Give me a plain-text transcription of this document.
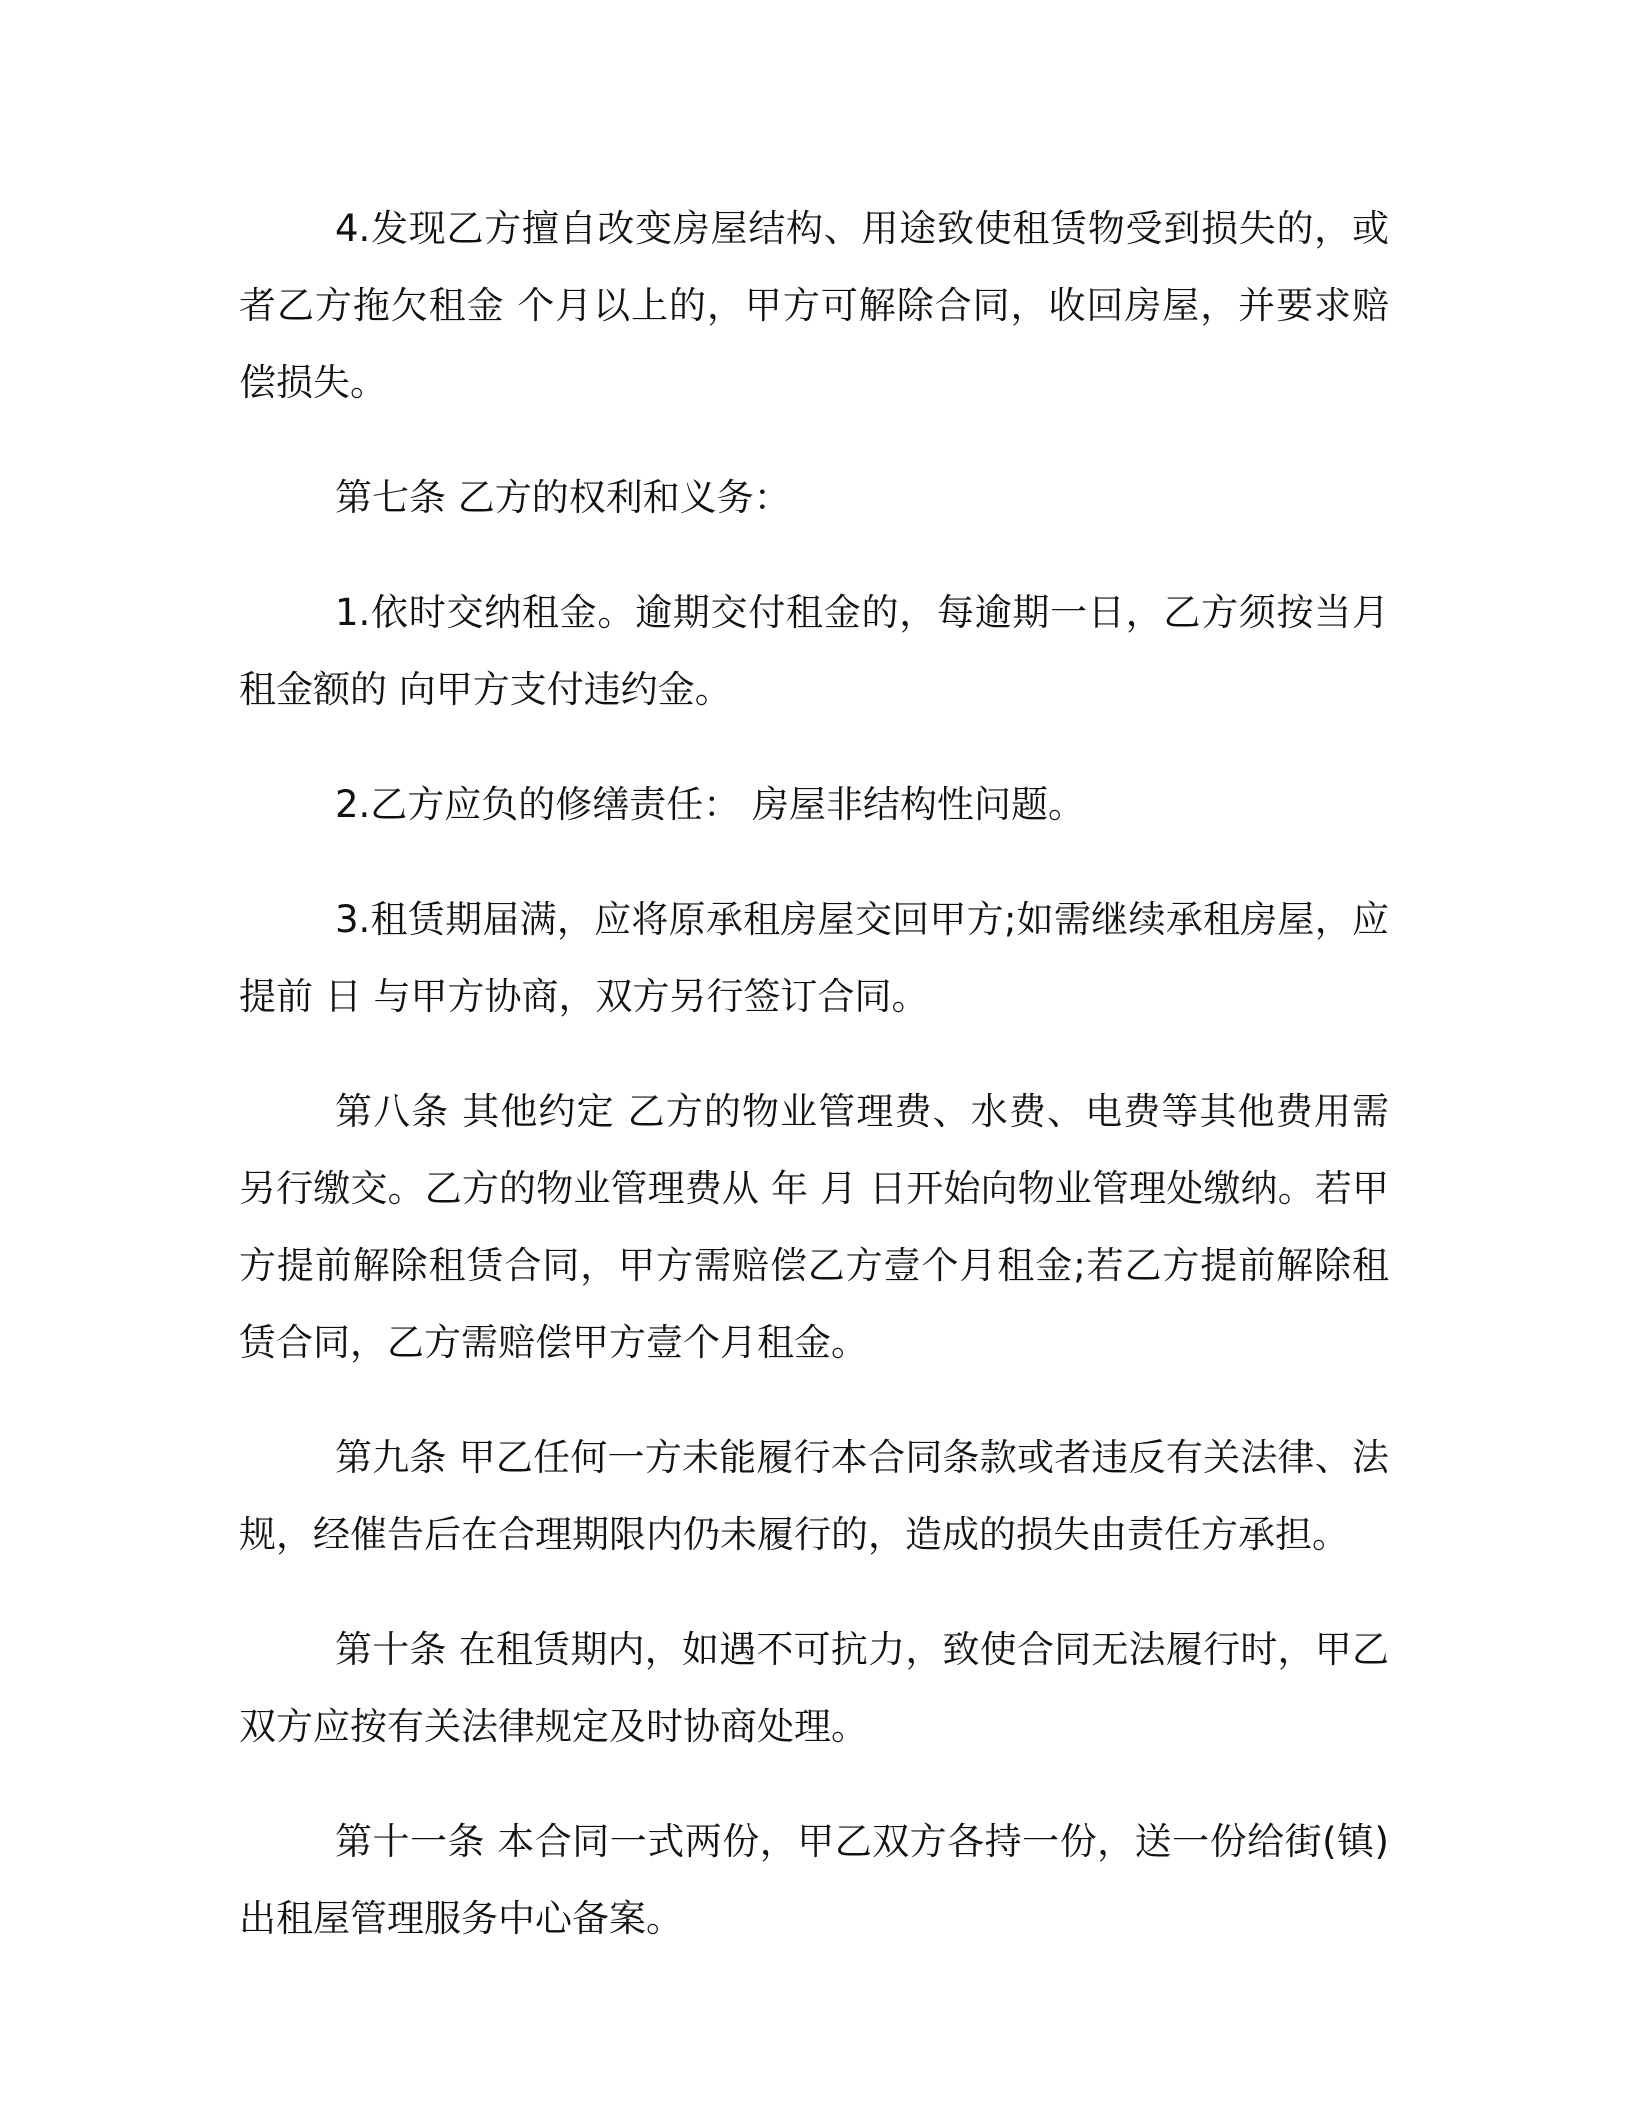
4.发现乙方擅自改变房屋结构、用途致使租赁物受到损失的，或者乙方拖欠租金 个月以上的，甲方可解除合同，收回房屋，并要求赔偿损失。

第七条 乙方的权利和义务：

1.依时交纳租金。逾期交付租金的，每逾期一日，乙方须按当月租金额的 向甲方支付违约金。

2.乙方应负的修缮责任： 房屋非结构性问题。

3.租赁期届满，应将原承租房屋交回甲方;如需继续承租房屋，应提前 日 与甲方协商，双方另行签订合同。

第八条 其他约定 乙方的物业管理费、水费、电费等其他费用需另行缴交。乙方的物业管理费从 年 月 日开始向物业管理处缴纳。若甲方提前解除租赁合同，甲方需赔偿乙方壹个月租金;若乙方提前解除租赁合同，乙方需赔偿甲方壹个月租金。

第九条 甲乙任何一方未能履行本合同条款或者违反有关法律、法规，经催告后在合理期限内仍未履行的，造成的损失由责任方承担。

第十条 在租赁期内，如遇不可抗力，致使合同无法履行时，甲乙双方应按有关法律规定及时协商处理。

第十一条 本合同一式两份，甲乙双方各持一份，送一份给街(镇)出租屋管理服务中心备案。
